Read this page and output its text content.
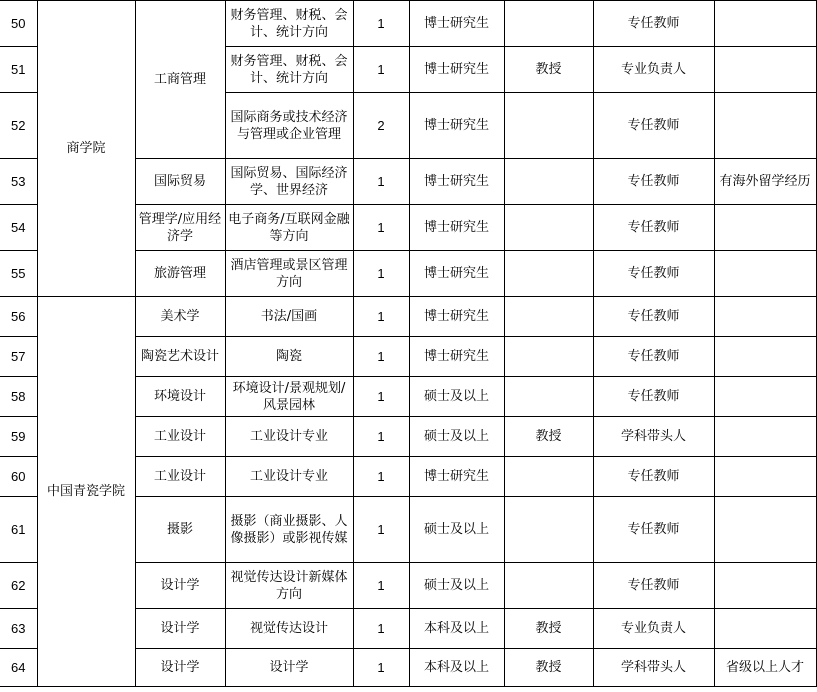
50	商学院	工商管理	财务管理、财税、会计、统计方向	1	博士研究生		专任教师	
51			财务管理、财税、会计、统计方向	1	博士研究生	教授	专业负责人	
52			国际商务或技术经济与管理或企业管理	2	博士研究生		专任教师	
53		国际贸易	国际贸易、国际经济学、世界经济	1	博士研究生		专任教师	有海外留学经历
54		管理学/应用经济学	电子商务/互联网金融等方向	1	博士研究生		专任教师	
55		旅游管理	酒店管理或景区管理方向	1	博士研究生		专任教师	
56	中国青瓷学院	美术学	书法/国画	1	博士研究生		专任教师	
57		陶瓷艺术设计	陶瓷	1	博士研究生		专任教师	
58		环境设计	环境设计/景观规划/风景园林	1	硕士及以上		专任教师	
59		工业设计	工业设计专业	1	硕士及以上	教授	学科带头人	
60		工业设计	工业设计专业	1	博士研究生		专任教师	
61		摄影	摄影（商业摄影、人像摄影）或影视传媒	1	硕士及以上		专任教师	
62		设计学	视觉传达设计新媒体方向	1	硕士及以上		专任教师	
63		设计学	视觉传达设计	1	本科及以上	教授	专业负责人	
64		设计学	设计学	1	本科及以上	教授	学科带头人	省级以上人才
